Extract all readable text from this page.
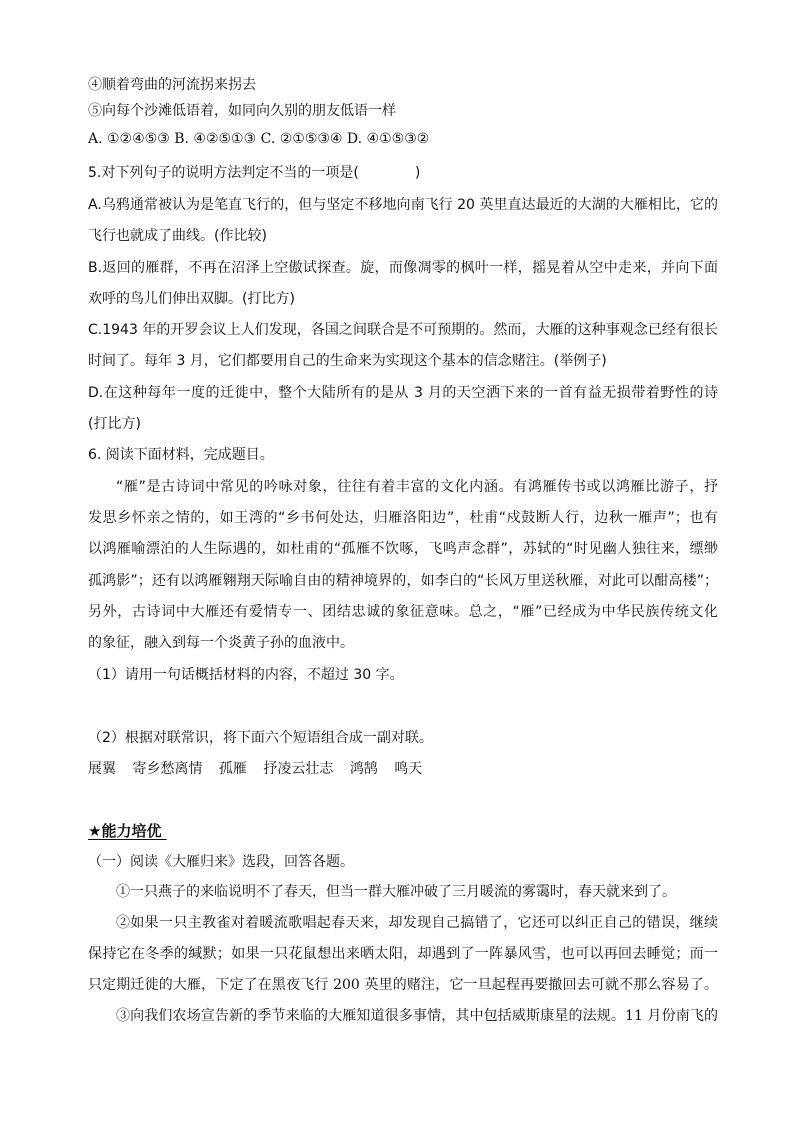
④顺着弯曲的河流拐来拐去
⑤向每个沙滩低语着，如同向久别的朋友低语一样
A. ①②④⑤③ B. ④②⑤①③ C. ②①⑤③④ D. ④①⑤③②
5.对下列句子的说明方法判定不当的一项是(　　　　)
A.乌鸦通常被认为是笔直飞行的，但与坚定不移地向南飞行 20 英里直达最近的大湖的大雁相比，它的
飞行也就成了曲线。(作比较)
B.返回的雁群，不再在沼泽上空傲试探查。旋，而像凋零的枫叶一样，摇晃着从空中走来，并向下面
欢呼的鸟儿们伸出双脚。(打比方)
C.1943 年的开罗会议上人们发现，各国之间联合是不可预期的。然而，大雁的这种事观念已经有很长
时间了。每年 3 月，它们都要用自己的生命来为实现这个基本的信念赌注。(举例子)
D.在这种每年一度的迁徙中，整个大陆所有的是从 3 月的天空洒下来的一首有益无损带着野性的诗
(打比方)
6. 阅读下面材料，完成题目。
“雁”是古诗词中常见的吟咏对象，往往有着丰富的文化内涵。有鸿雁传书或以鸿雁比游子，抒
发思乡怀亲之情的，如王湾的“乡书何处达，归雁洛阳边”，杜甫“戍鼓断人行，边秋一雁声”；也有
以鸿雁喻漂泊的人生际遇的，如杜甫的“孤雁不饮啄，飞鸣声念群”，苏轼的“时见幽人独往来，缥缈
孤鸿影”；还有以鸿雁翱翔天际喻自由的精神境界的，如李白的“长风万里送秋雁，对此可以酣高楼”；
另外，古诗词中大雁还有爱情专一、团结忠诚的象征意味。总之，“雁”已经成为中华民族传统文化
的象征，融入到每一个炎黄子孙的血液中。
（1）请用一句话概括材料的内容，不超过 30 字。
（2）根据对联常识，将下面六个短语组合成一副对联。
展翼 寄乡愁离情 孤雁 抒凌云壮志 鸿鹄 鸣天
★能力培优
（一）阅读《大雁归来》选段，回答各题。
①一只燕子的来临说明不了春天，但当一群大雁冲破了三月暖流的雾霭时，春天就来到了。
②如果一只主教雀对着暖流歌唱起春天来，却发现自己搞错了，它还可以纠正自己的错误，继续
保持它在冬季的缄默；如果一只花鼠想出来晒太阳，却遇到了一阵暴风雪，也可以再回去睡觉；而一
只定期迁徙的大雁，下定了在黑夜飞行 200 英里的赌注，它一旦起程再要撤回去可就不那么容易了。
③向我们农场宣告新的季节来临的大雁知道很多事情，其中包括威斯康星的法规。11 月份南飞的
